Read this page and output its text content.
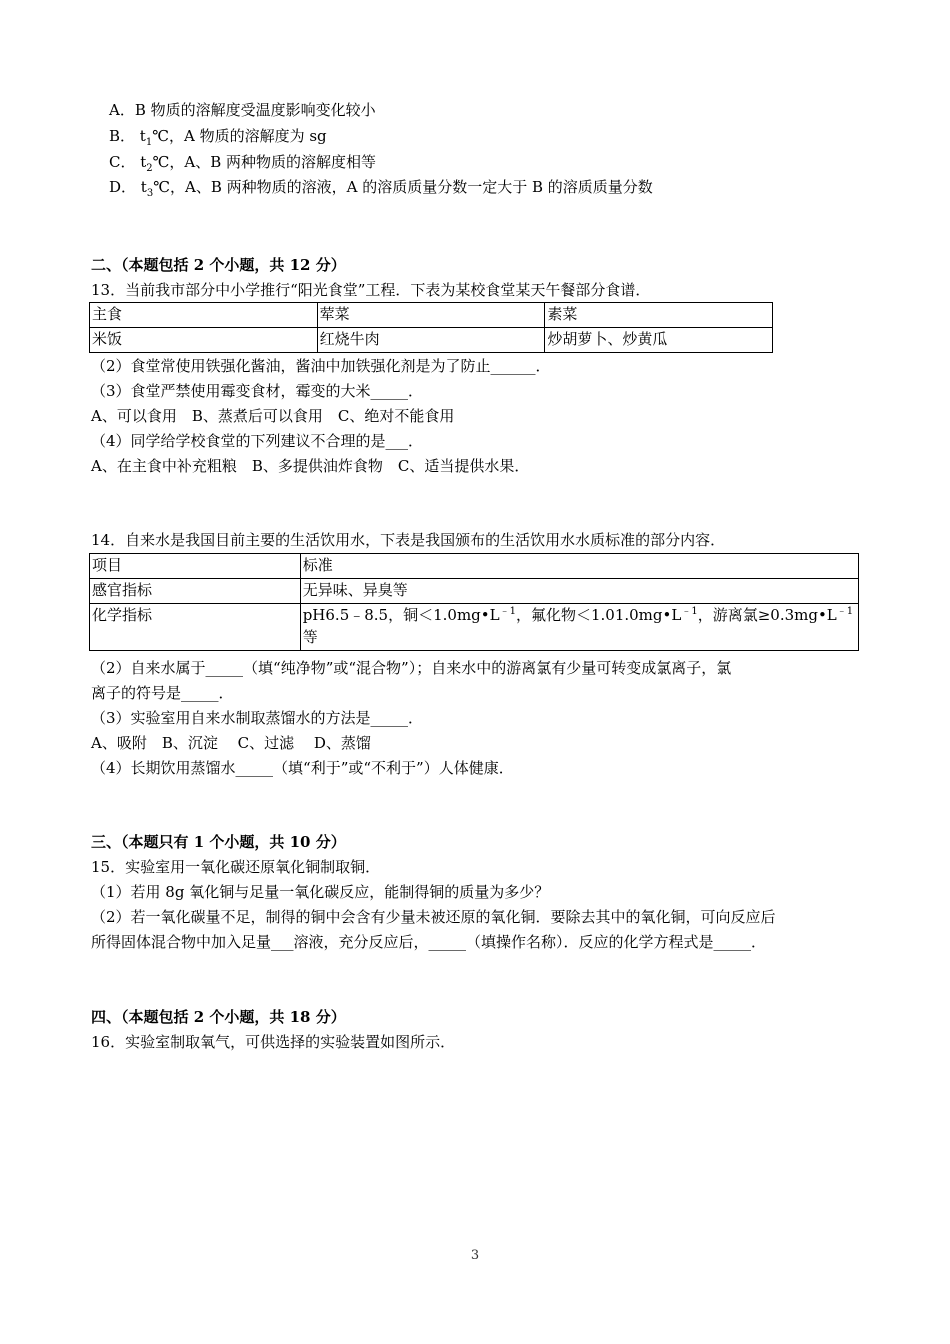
A．B 物质的溶解度受温度影响变化较小
B． $t_1℃$，A 物质的溶解度为 sg
C． $t_2℃$，A、B 两种物质的溶解度相等
D． $t_3℃$，A、B 两种物质的溶液，A 的溶质质量分数一定大于 B 的溶质质量分数
二、（本题包括 2 个小题，共 12 分）
13．当前我市部分中小学推行“阳光食堂”工程．下表为某校食堂某天午餐部分食谱．
主食	荤菜	素菜
米饭	红烧牛肉	炒胡萝卜、炒黄瓜
（2）食堂常使用铁强化酱油，酱油中加铁强化剂是为了防止______．
（3）食堂严禁使用霉变食材，霉变的大米_____．
A、可以食用　B、蒸煮后可以食用　C、绝对不能食用
（4）同学给学校食堂的下列建议不合理的是___．
A、在主食中补充粗粮　B、多提供油炸食物　C、适当提供水果．
14．自来水是我国目前主要的生活饮用水，下表是我国颁布的生活饮用水水质标准的部分内容．
项目	标准
感官指标	无异味、异臭等
化学指标	pH6.5﹣8.5，铜$<1.0mg•L^{﹣1}$，氟化物$<1.01.0mg•L^{﹣1}$，游离氯$\ge 0.3mg•L^{﹣1}$
等
（2）自来水属于_____（填“纯净物”或“混合物”）；自来水中的游离氯有少量可转变成氯离子，氯
离子的符号是_____．
（3）实验室用自来水制取蒸馏水的方法是_____．
A、吸附　B、沉淀　 C、过滤　 D、蒸馏
（4）长期饮用蒸馏水_____（填“利于”或“不利于”）人体健康．
三、（本题只有 1 个小题，共 10 分）
15．实验室用一氧化碳还原氧化铜制取铜．
（1）若用 8g 氧化铜与足量一氧化碳反应，能制得铜的质量为多少？
（2）若一氧化碳量不足，制得的铜中会含有少量未被还原的氧化铜．要除去其中的氧化铜，可向反应后
所得固体混合物中加入足量___溶液，充分反应后，_____（填操作名称）．反应的化学方程式是_____．
四、（本题包括 2 个小题，共 18 分）
16．实验室制取氧气，可供选择的实验装置如图所示．
3
